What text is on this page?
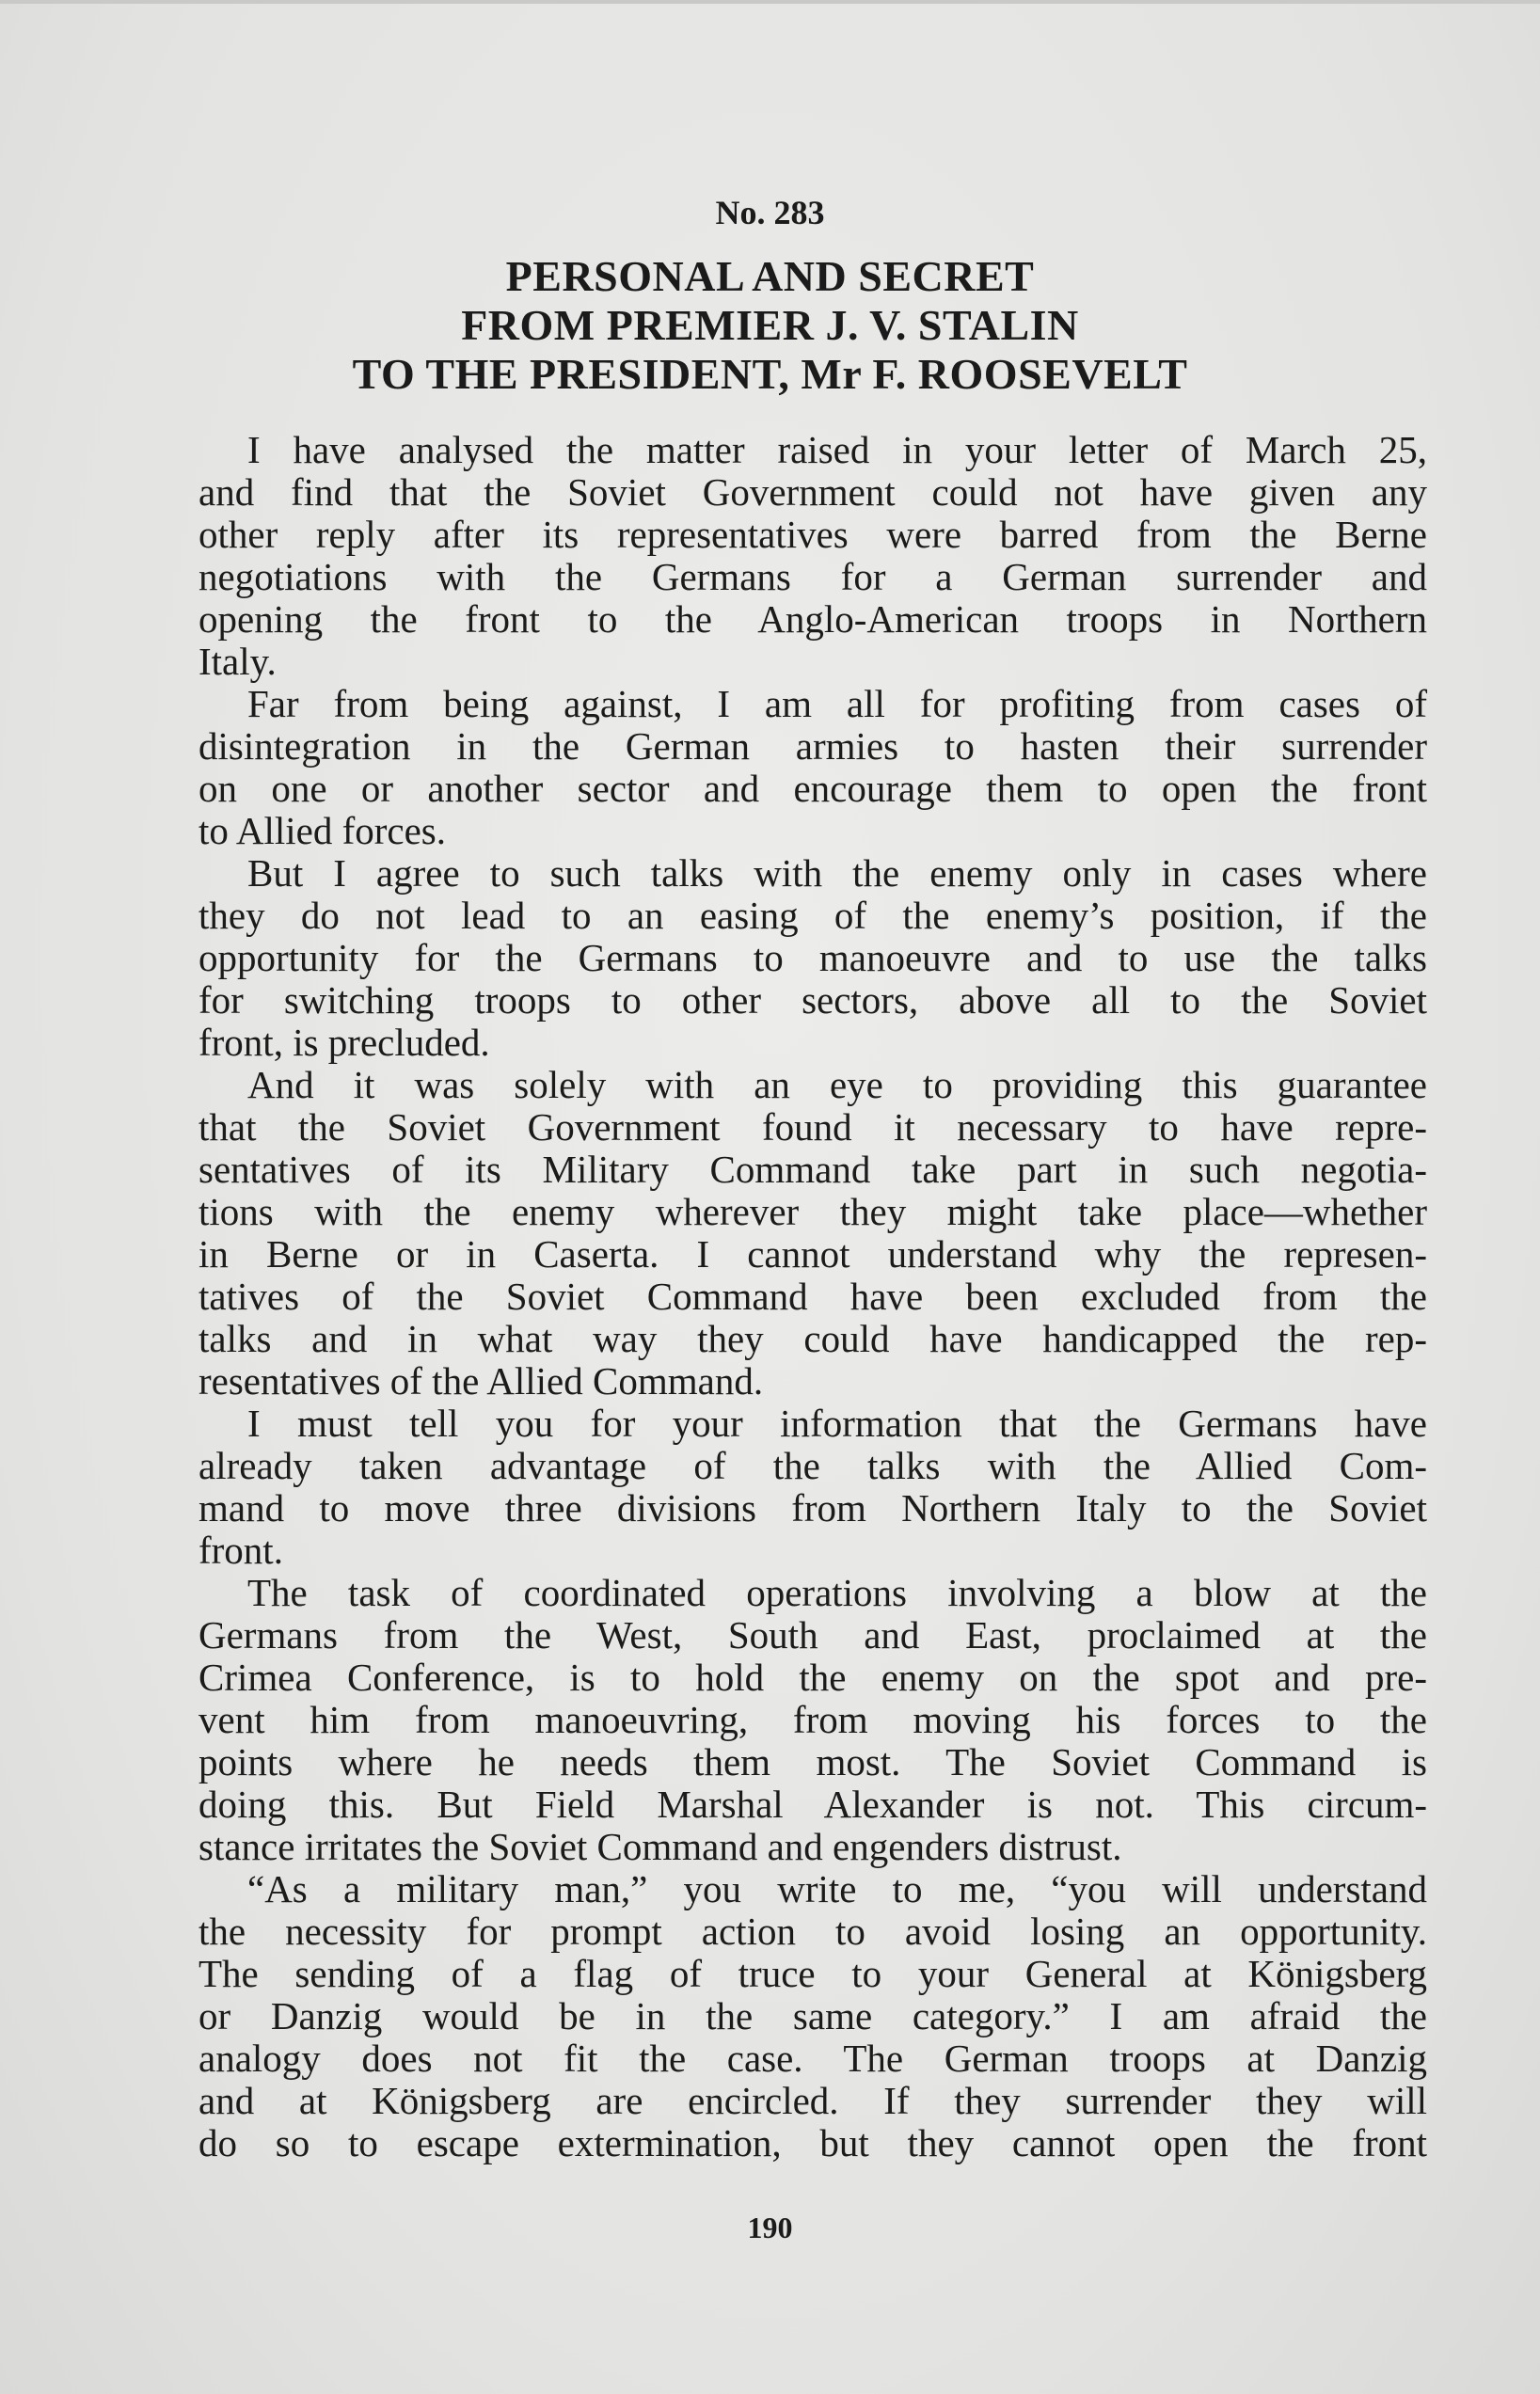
No. 283
PERSONAL AND SECRET
FROM PREMIER J. V. STALIN
TO THE PRESIDENT, Mr F. ROOSEVELT
I have analysed the matter raised in your letter of March 25,
and find that the Soviet Government could not have given any
other reply after its representatives were barred from the Berne
negotiations with the Germans for a German surrender and
opening the front to the Anglo-American troops in Northern
Italy.
Far from being against, I am all for profiting from cases of
disintegration in the German armies to hasten their surrender
on one or another sector and encourage them to open the front
to Allied forces.
But I agree to such talks with the enemy only in cases where
they do not lead to an easing of the enemy’s position, if the
opportunity for the Germans to manoeuvre and to use the talks
for switching troops to other sectors, above all to the Soviet
front, is precluded.
And it was solely with an eye to providing this guarantee
that the Soviet Government found it necessary to have repre-
sentatives of its Military Command take part in such negotia-
tions with the enemy wherever they might take place—whether
in Berne or in Caserta. I cannot understand why the represen-
tatives of the Soviet Command have been excluded from the
talks and in what way they could have handicapped the rep-
resentatives of the Allied Command.
I must tell you for your information that the Germans have
already taken advantage of the talks with the Allied Com-
mand to move three divisions from Northern Italy to the Soviet
front.
The task of coordinated operations involving a blow at the
Germans from the West, South and East, proclaimed at the
Crimea Conference, is to hold the enemy on the spot and pre-
vent him from manoeuvring, from moving his forces to the
points where he needs them most. The Soviet Command is
doing this. But Field Marshal Alexander is not. This circum-
stance irritates the Soviet Command and engenders distrust.
“As a military man,” you write to me, “you will understand
the necessity for prompt action to avoid losing an opportunity.
The sending of a flag of truce to your General at Königsberg
or Danzig would be in the same category.” I am afraid the
analogy does not fit the case. The German troops at Danzig
and at Königsberg are encircled. If they surrender they will
do so to escape extermination, but they cannot open the front
190
